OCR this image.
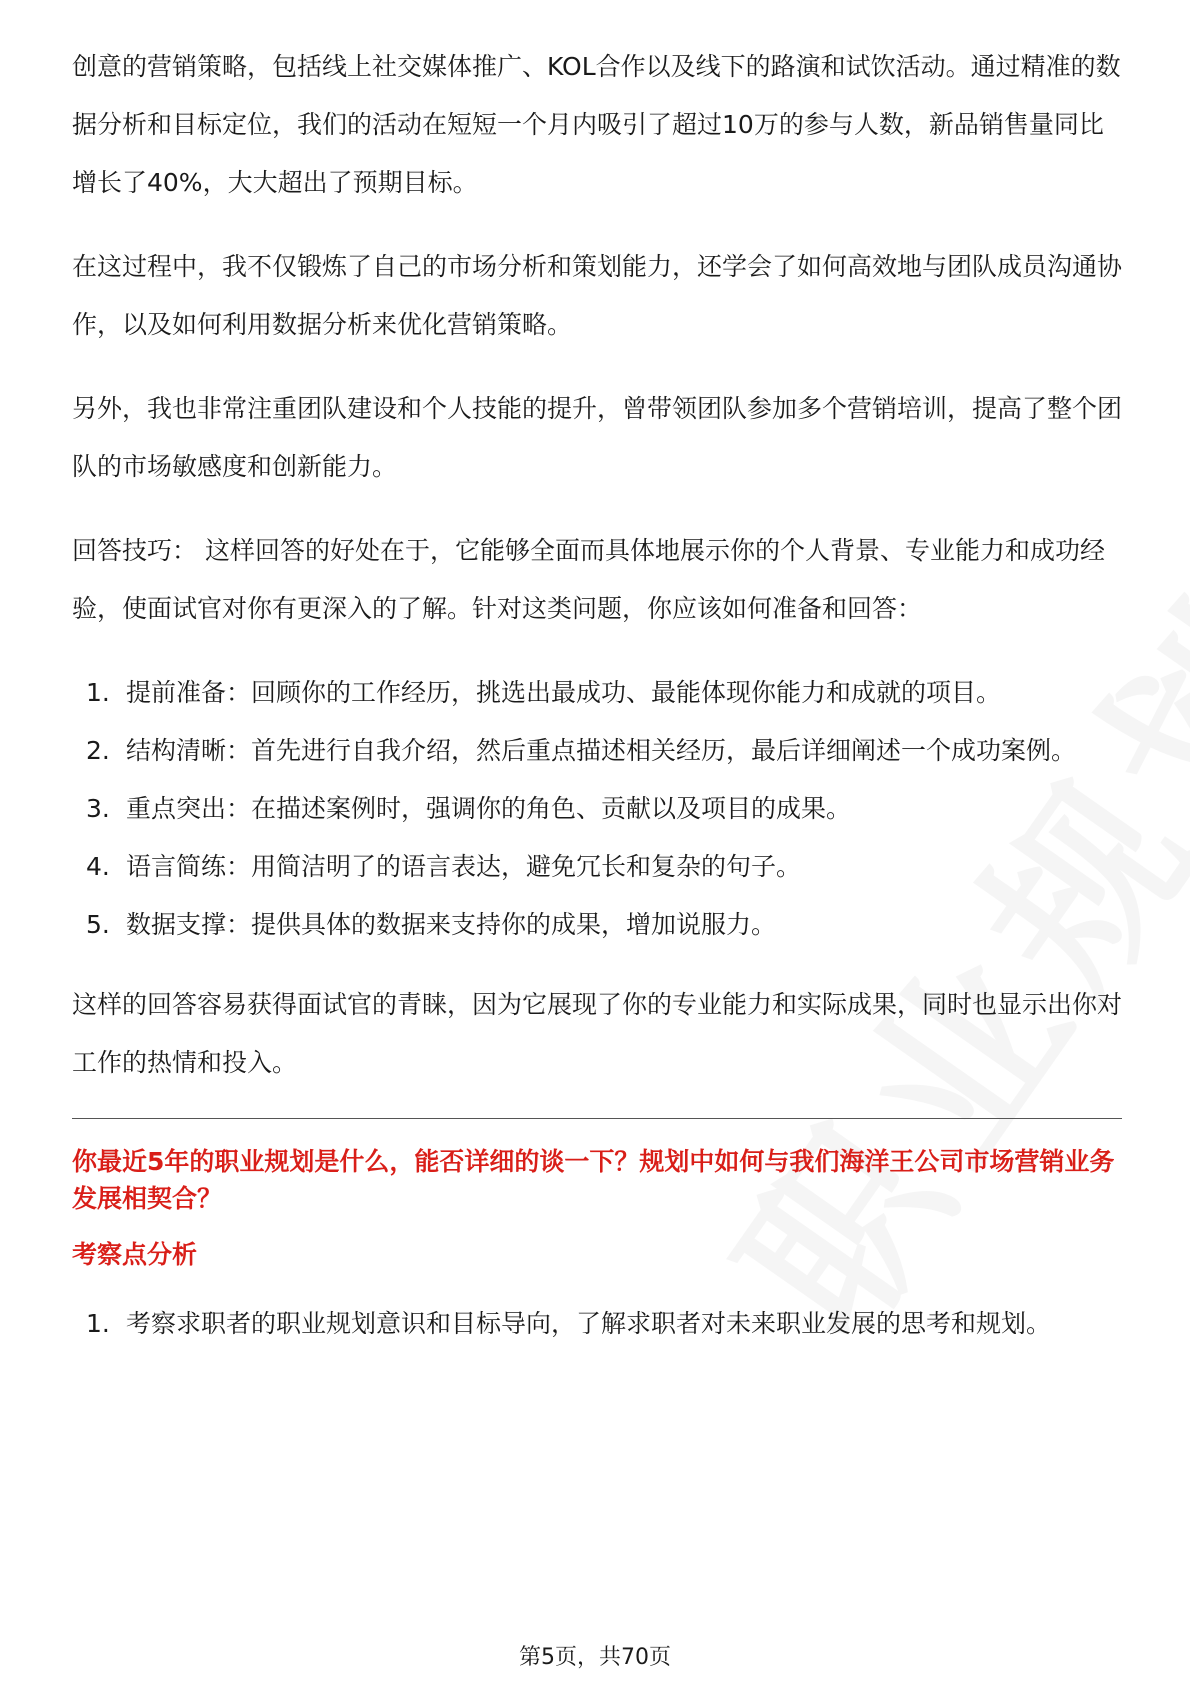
创意的营销策略，包括线上社交媒体推广、KOL合作以及线下的路演和试饮活动。通过精准的数据分析和目标定位，我们的活动在短短一个月内吸引了超过10万的参与人数，新品销售量同比增长了40%，大大超出了预期目标。

在这过程中，我不仅锻炼了自己的市场分析和策划能力，还学会了如何高效地与团队成员沟通协作，以及如何利用数据分析来优化营销策略。

另外，我也非常注重团队建设和个人技能的提升，曾带领团队参加多个营销培训，提高了整个团队的市场敏感度和创新能力。

回答技巧： 这样回答的好处在于，它能够全面而具体地展示你的个人背景、专业能力和成功经验，使面试官对你有更深入的了解。针对这类问题，你应该如何准备和回答：

1. 提前准备：回顾你的工作经历，挑选出最成功、最能体现你能力和成就的项目。
2. 结构清晰：首先进行自我介绍，然后重点描述相关经历，最后详细阐述一个成功案例。
3. 重点突出：在描述案例时，强调你的角色、贡献以及项目的成果。
4. 语言简练：用简洁明了的语言表达，避免冗长和复杂的句子。
5. 数据支撑：提供具体的数据来支持你的成果，增加说服力。

这样的回答容易获得面试官的青睐，因为它展现了你的专业能力和实际成果，同时也显示出你对工作的热情和投入。

你最近5年的职业规划是什么，能否详细的谈一下？规划中如何与我们海洋王公司市场营销业务发展相契合？
考察点分析
1. 考察求职者的职业规划意识和目标导向，了解求职者对未来职业发展的思考和规划。
第5页，共70页
